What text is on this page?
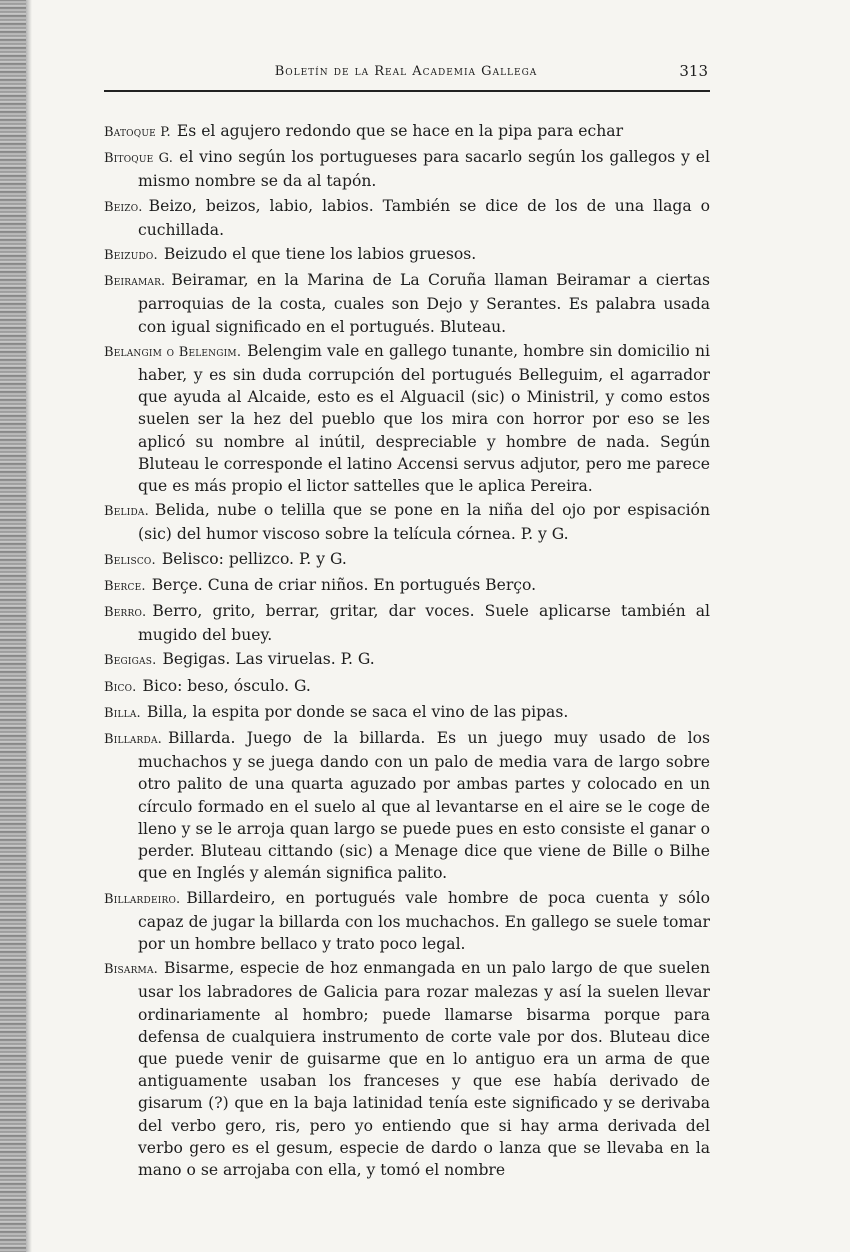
Boletín de la Real Academia Gallega	313

Batoque P. Es el agujero redondo que se hace en la pipa para echar

Bitoque G. el vino según los portugueses para sacarlo según los gallegos y el mismo nombre se da al tapón.

Beizo. Beizo, beizos, labio, labios. También se dice de los de una llaga o cuchillada.

Beizudo. Beizudo el que tiene los labios gruesos.

Beiramar. Beiramar, en la Marina de La Coruña llaman Beiramar a ciertas parroquias de la costa, cuales son Dejo y Serantes. Es palabra usada con igual significado en el portugués. Bluteau.

Belangim o Belengim. Belengim vale en gallego tunante, hombre sin domicilio ni haber, y es sin duda corrupción del portugués Belleguim, el agarrador que ayuda al Alcaide, esto es el Alguacil (sic) o Ministril, y como estos suelen ser la hez del pueblo que los mira con horror por eso se les aplicó su nombre al inútil, despreciable y hombre de nada. Según Bluteau le corresponde el latino Accensi servus adjutor, pero me parece que es más propio el lictor sattelles que le aplica Pereira.

Belida. Belida, nube o telilla que se pone en la niña del ojo por espisación (sic) del humor viscoso sobre la telícula córnea. P. y G.

Belisco. Belisco: pellizco. P. y G.

Berce. Berçe. Cuna de criar niños. En portugués Berço.

Berro. Berro, grito, berrar, gritar, dar voces. Suele aplicarse también al mugido del buey.

Begigas. Begigas. Las viruelas. P. G.

Bico. Bico: beso, ósculo. G.

Billa. Billa, la espita por donde se saca el vino de las pipas.

Billarda. Billarda. Juego de la billarda. Es un juego muy usado de los muchachos y se juega dando con un palo de media vara de largo sobre otro palito de una quarta aguzado por ambas partes y colocado en un círculo formado en el suelo al que al levantarse en el aire se le coge de lleno y se le arroja quan largo se puede pues en esto consiste el ganar o perder. Bluteau cittando (sic) a Menage dice que viene de Bille o Bilhe que en Inglés y alemán significa palito.

Billardeiro. Billardeiro, en portugués vale hombre de poca cuenta y sólo capaz de jugar la billarda con los muchachos. En gallego se suele tomar por un hombre bellaco y trato poco legal.

Bisarma. Bisarme, especie de hoz enmangada en un palo largo de que suelen usar los labradores de Galicia para rozar malezas y así la suelen llevar ordinariamente al hombro; puede llamarse bisarma porque para defensa de cualquiera instrumento de corte vale por dos. Bluteau dice que puede venir de guisarme que en lo antiguo era un arma de que antiguamente usaban los franceses y que ese había derivado de gisarum (?) que en la baja latinidad tenía este significado y se derivaba del verbo gero, ris, pero yo entiendo que si hay arma derivada del verbo gero es el gesum, especie de dardo o lanza que se llevaba en la mano o se arrojaba con ella, y tomó el nombre
